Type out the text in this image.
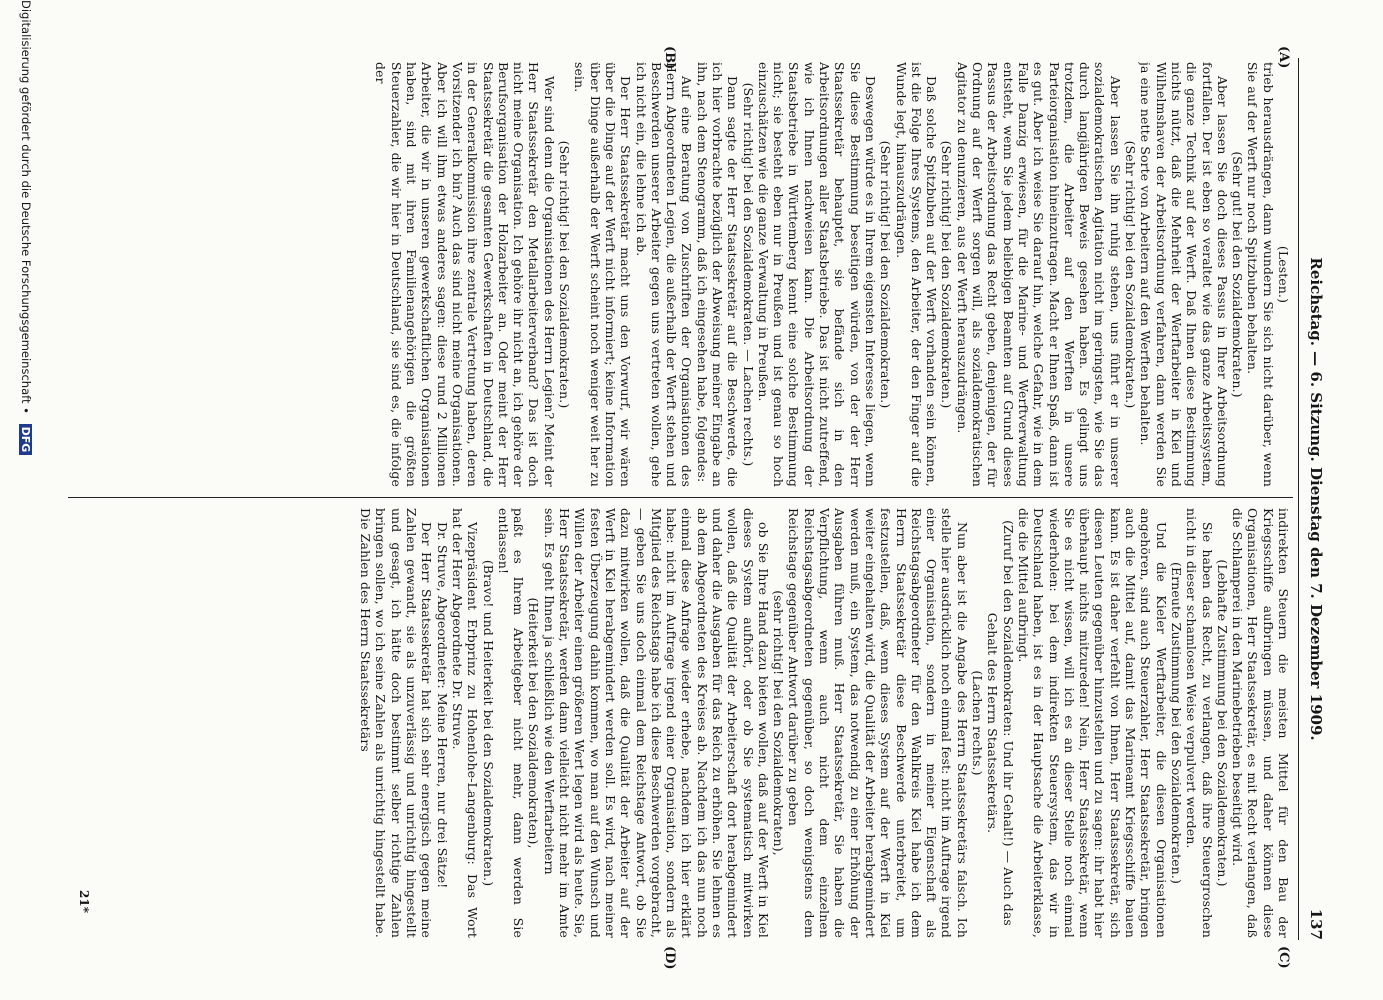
Reichstag. — 6. Sitzung. Dienstag den 7. Dezember 1909.
137
(A)
(B)
(C)
(D)

(Lesten.)

trieb herausdrängen, dann wundern Sie sich nicht darüber, wenn Sie auf der Werft nur noch Spitzbuben behalten.

(Sehr gut! bei den Sozialdemokraten.)

Aber lassen Sie doch dieses Passus in Ihrer Arbeitsordnung fortfallen. Der ist eben so veraltet wie das ganze Arbeitssystem, die ganze Technik auf der Werft. Daß Ihnen diese Bestimmung nichts nützt, daß die Mehrheit der Werftarbeiter in Kiel und Wilhelmshaven der Arbeitsordnung verfahren, dann werden Sie ja eine nette Sorte von Arbeitern auf den Werften behalten.

(Sehr richtig! bei den Sozialdemokraten.)

Aber lassen Sie ihn ruhig stehen, uns führt er in unserer sozialdemokratischen Agitation nicht im geringsten, wie Sie das durch langjährigen Beweis gesehen haben. Es gelingt uns trotzdem, die Arbeiter auf den Werften in unsere Parteiorganisation hineinzutragen. Macht er Ihnen Spaß, dann ist es gut. Aber ich weise Sie darauf hin, welche Gefahr, wie in dem Falle Danzig erwiesen, für die Marine- und Werftverwaltung entsteht, wenn Sie jedem beliebigen Beamten auf Grund dieses Passus der Arbeitsordnung das Recht geben, denjenigen, der für Ordnung auf der Werft sorgen will, als sozialdemokratischen Agitator zu denunzieren, aus der Werft herauszudrängen.

(Sehr richtig! bei den Sozialdemokraten.)

Daß solche Spitzbuben auf der Werft vorhanden sein können, ist die Folge Ihres Systems, den Arbeiter, der den Finger auf die Wunde legt, hinauszudrängen.

(Sehr richtig! bei den Sozialdemokraten.)

Deswegen würde es in Ihrem eigensten Interesse liegen, wenn Sie diese Bestimmung beseitigen würden, von der der Herr Staatssekretär behauptet, sie befände sich in den Arbeitsordnungen aller Staatsbetriebe. Das ist nicht zutreffend, wie ich Ihnen nachweisen kann. Die Arbeitsordnung der Staatsbetriebe in Württemberg kennt eine solche Bestimmung nicht; sie besteht eben nur in Preußen und ist genau so hoch einzuschätzen wie die ganze Verwaltung in Preußen.

(Sehr richtig! bei den Sozialdemokraten. — Lachen rechts.)

Dann sagte der Herr Staatssekretär auf die Beschwerde, die ich hier vorbrachte bezüglich der Abweisung meiner Eingabe an ihn, nach dem Stenogramm, daß ich eingesehen habe, folgendes:

Auf eine Beratung von Zuschriften der Organisationen des Herrn Abgeordneten Legien, die außerhalb der Werft stehen und Beschwerden unserer Arbeiter gegen uns vertreten wollen, gehe ich nicht ein, die lehne ich ab.

Der Herr Staatssekretär macht uns den Vorwurf, wir wären über die Dinge auf der Werft nicht informiert; keine Information über Dinge außerhalb der Werft scheint noch weniger weit her zu sein.

(Sehr richtig! bei den Sozialdemokraten.)

Wer sind denn die Organisationen des Herrn Legien? Meint der Herr Staatssekretär den Metallarbeiterverband? Das ist doch nicht meine Organisation. Ich gehöre ihr nicht an, ich gehöre der Berufsorganisation der Holzarbeiter an. Oder meint der Herr Staatssekretär die gesamten Gewerkschaften in Deutschland, die in der Generalkommission ihre zentrale Vertretung haben, deren Vorsitzender ich bin? Auch das sind nicht meine Organisationen. Aber ich will ihm etwas anderes sagen: diese rund 2 Millionen Arbeiter, die wir in unseren gewerkschaftlichen Organisationen haben, sind mit ihren Familienangehörigen die größten Steuerzahler, die wir hier in Deutschland, sie sind es, die infolge der

indirekten Steuern die meisten Mittel für den Bau der Kriegsschiffe aufbringen müssen, und daher können diese Organisationen, Herr Staatssekretär, es mit Recht verlangen, daß die Schlamperei in den Marinebetrieben beseitigt wird.

(Lebhafte Zustimmung bei den Sozialdemokraten.)

Sie haben das Recht, zu verlangen, daß ihre Steuergroschen nicht in dieser schamlosen Weise verpulvert werden.

(Erneute Zustimmung bei den Sozialdemokraten.)

Und die Kieler Werftarbeiter, die diesen Organisationen angehören, sind auch Steuerzahler, Herr Staatssekretär, bringen auch die Mittel auf, damit das Marineamt Kriegsschiffe bauen kann. Es ist daher verfehlt von Ihnen, Herr Staatssekretär, sich diesen Leuten gegenüber hinzustellen und zu sagen: ihr habt hier überhaupt nichts mitzureden! Nein, Herr Staatssekretär, wenn Sie es nicht wissen, will ich es an dieser Stelle noch einmal wiederholen: bei dem indirekten Steuersystem, das wir in Deutschland haben, ist es in der Hauptsache die Arbeiterklasse, die die Mittel aufbringt.

(Zuruf bei den Sozialdemokraten: Und ihr Gehalt!) — Auch das Gehalt des Herrn Staatssekretärs.

(Lachen rechts.)

Nun aber ist die Angabe des Herrn Staatssekretärs falsch. Ich stelle hier ausdrücklich noch einmal fest: nicht im Auftrage irgend einer Organisation, sondern in meiner Eigenschaft als Reichstagsabgeordneter für den Wahlkreis Kiel habe ich dem Herrn Staatssekretär diese Beschwerde unterbreitet, um festzustellen, daß, wenn dieses System auf der Werft in Kiel weiter eingehalten wird, die Qualität der Arbeiter herabgemindert werden muß, ein System, das notwendig zu einer Erhöhung der Ausgaben führen muß. Herr Staatssekretär, Sie haben die Verpflichtung, wenn auch nicht dem einzelnen Reichstagsabgeordneten gegenüber, so doch wenigstens dem Reichstage gegenüber Antwort darüber zu geben

(sehr richtig! bei den Sozialdemokraten),

ob Sie Ihre Hand dazu bieten wollen, daß auf der Werft in Kiel dieses System aufhört, oder ob Sie systematisch mitwirken wollen, daß die Qualität der Arbeiterschaft dort herabgemindert und daher die Ausgaben für das Reich zu erhöhen. Sie lehnen es ab dem Abgeordneten des Kreises ab. Nachdem ich das nun noch einmal diese Anfrage wieder erhebe, nachdem ich hier erklärt habe: nicht im Auftrage irgend einer Organisation, sondern als Mitglied des Reichstags habe ich diese Beschwerden vorgebracht, — geben Sie uns doch einmal dem Reichstage Antwort, ob Sie dazu mitwirken wollen, daß die Qualität der Arbeiter auf der Werft in Kiel herabgemindert werden soll. Es wird, nach meiner festen Überzeugung dahin kommen, wo man auf den Wunsch und Willen der Arbeiter einen größeren Wert legen wird als heute. Sie, Herr Staatssekretär, werden dann vielleicht nicht mehr im Amte sein. Es geht Ihnen ja schließlich wie den Werftarbeitern

(Heiterkeit bei den Sozialdemokraten),

paßt es Ihrem Arbeitgeber nicht mehr, dann werden Sie entlassen!

(Bravo! und Heiterkeit bei den Sozialdemokraten.)

Vizepräsident Erbprinz zu Hohenlohe-Langenburg: Das Wort hat der Herr Abgeordnete Dr. Struve.

Dr. Struve, Abgeordneter: Meine Herren, nur drei Sätze!

Der Herr Staatssekretär hat sich sehr energisch gegen meine Zahlen gewandt, sie als unzuverlässig und unrichtig hingestellt und gesagt, ich hätte doch bestimmt selber richtige Zahlen bringen sollen, wo ich seine Zahlen als unrichtig hingestellt habe. Die Zahlen des Herrn Staatssekretärs

21*
Digitalisierung gefördert durch die Deutsche Forschungsgemeinschaft • DFG
